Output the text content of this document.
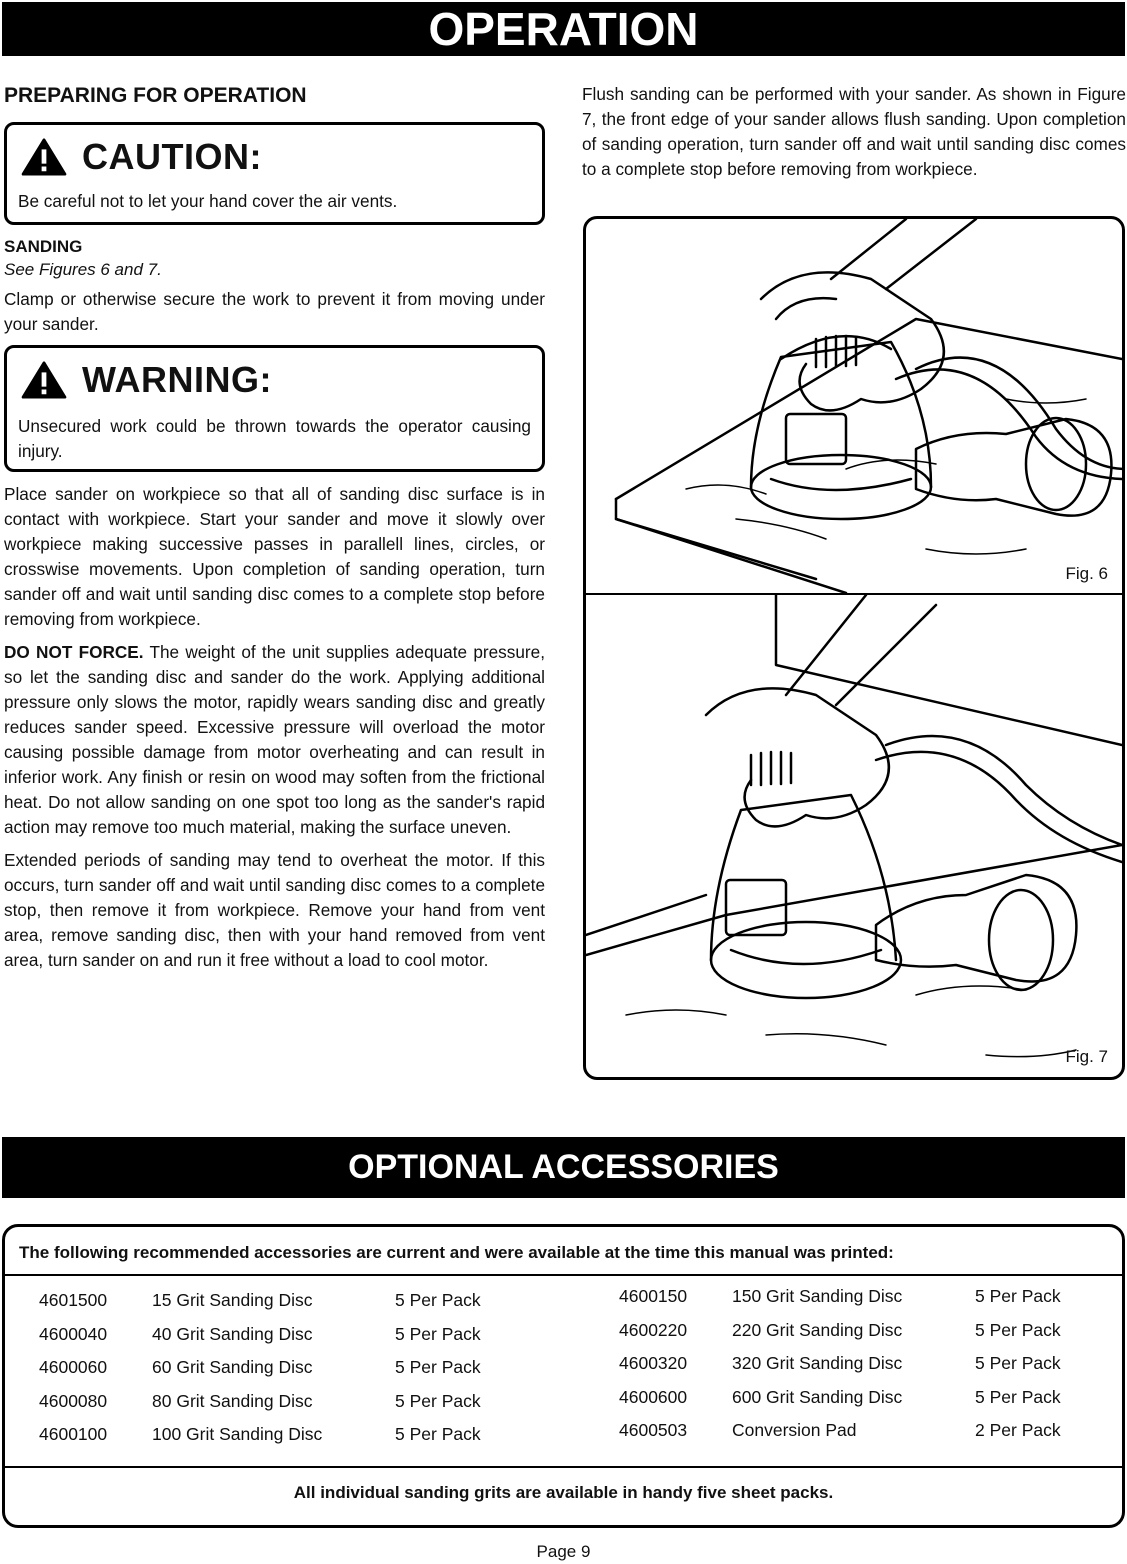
OPERATION
PREPARING FOR OPERATION
CAUTION:
Be careful not to let your hand cover the air vents.

SANDING

See Figures 6 and 7.

Clamp or otherwise secure the work to prevent it from moving under your sander.

WARNING:
Unsecured work could be thrown towards the operator causing injury.

Place sander on workpiece so that all of sanding disc surface is in contact with workpiece. Start your sander and move it slowly over workpiece making successive passes in parallell lines, circles, or crosswise movements. Upon completion of sanding operation, turn sander off and wait until sanding disc comes to a complete stop before removing from workpiece.

DO NOT FORCE. The weight of the unit supplies adequate pressure, so let the sanding disc and sander do the work. Applying additional pressure only slows the motor, rapidly wears sanding disc and greatly reduces sander speed. Excessive pressure will overload the motor causing possible damage from motor overheating and can result in inferior work. Any finish or resin on wood may soften from the frictional heat. Do not allow sanding on one spot too long as the sander's rapid action may remove too much material, making the surface uneven.

Extended periods of sanding may tend to overheat the motor. If this occurs, turn sander off and wait until sanding disc comes to a complete stop, then remove it from workpiece. Remove your hand from vent area, remove sanding disc, then with your hand removed from vent area, turn sander on and run it free without a load to cool motor.

Flush sanding can be performed with your sander. As shown in Figure 7, the front edge of your sander allows flush sanding. Upon completion of sanding operation, turn sander off and wait until sanding disc comes to a complete stop before removing from workpiece.

Fig. 6
Fig. 7
OPTIONAL ACCESSORIES
The following recommended accessories are current and were available at the time this manual was printed:
4601500	15 Grit Sanding Disc	5 Per Pack
4600040	40 Grit Sanding Disc	5 Per Pack
4600060	60 Grit Sanding Disc	5 Per Pack
4600080	80 Grit Sanding Disc	5 Per Pack
4600100	100 Grit Sanding Disc	5 Per Pack
4600150	150 Grit Sanding Disc	5 Per Pack
4600220	220 Grit Sanding Disc	5 Per Pack
4600320	320 Grit Sanding Disc	5 Per Pack
4600600	600 Grit Sanding Disc	5 Per Pack
4600503	Conversion Pad	2 Per Pack
All individual sanding grits are available in handy five sheet packs.
Page 9
